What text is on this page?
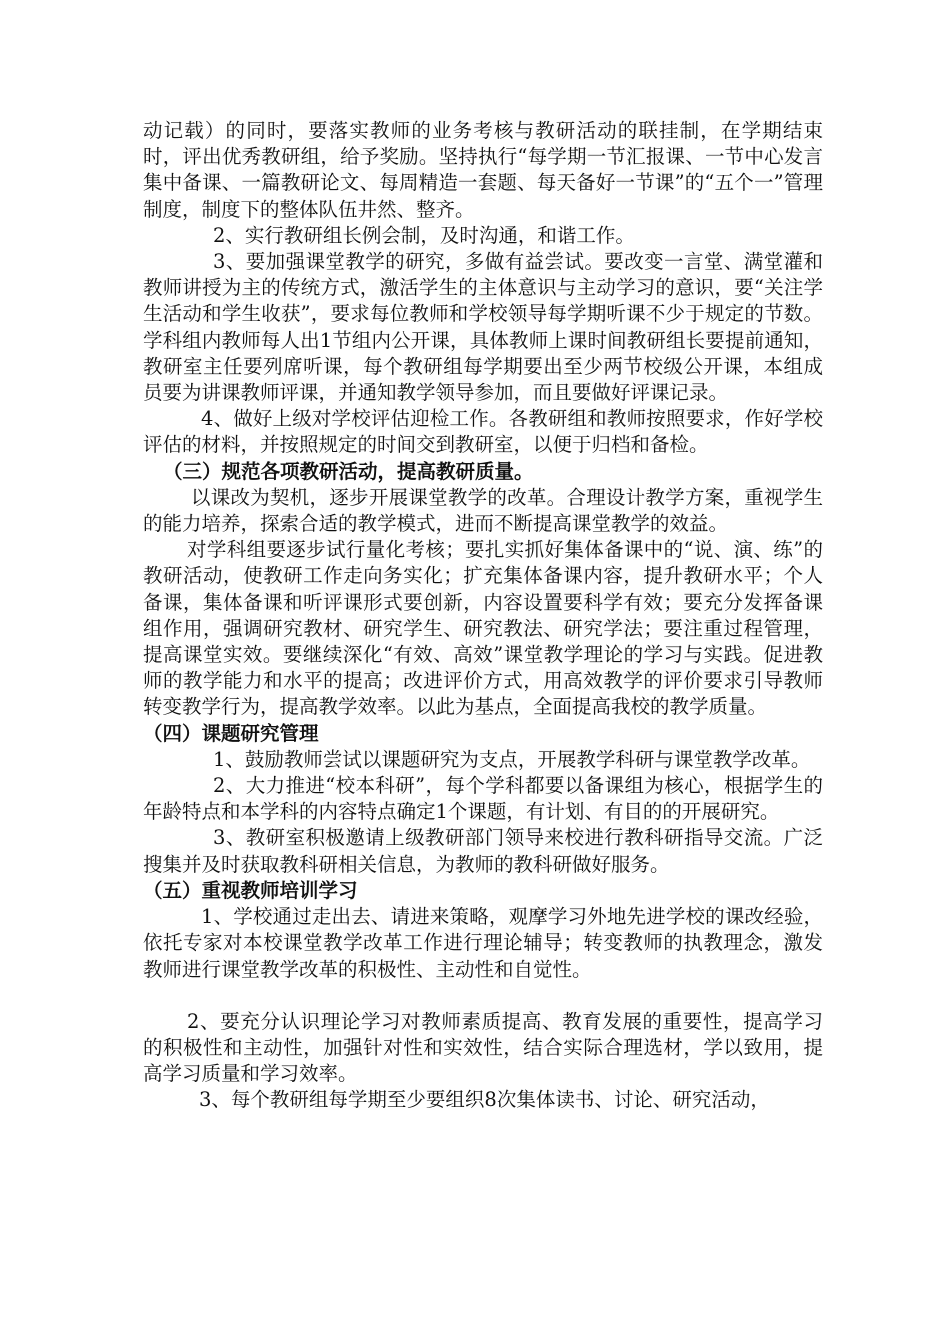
动记载）的同时，要落实教师的业务考核与教研活动的联挂制，在学期结束时，评出优秀教研组，给予奖励。坚持执行“每学期一节汇报课、一节中心发言集中备课、一篇教研论文、每周精造一套题、每天备好一节课”的“五个一”管理制度，制度下的整体队伍井然、整齐。

2、实行教研组长例会制，及时沟通，和谐工作。

3、要加强课堂教学的研究，多做有益尝试。要改变一言堂、满堂灌和教师讲授为主的传统方式，激活学生的主体意识与主动学习的意识，要“关注学生活动和学生收获”，要求每位教师和学校领导每学期听课不少于规定的节数。学科组内教师每人出1节组内公开课，具体教师上课时间教研组长要提前通知，教研室主任要列席听课，每个教研组每学期要出至少两节校级公开课，本组成员要为讲课教师评课，并通知教学领导参加，而且要做好评课记录。

4、做好上级对学校评估迎检工作。各教研组和教师按照要求，作好学校评估的材料，并按照规定的时间交到教研室，以便于归档和备检。

（三）规范各项教研活动，提高教研质量。

以课改为契机，逐步开展课堂教学的改革。合理设计教学方案，重视学生的能力培养，探索合适的教学模式，进而不断提高课堂教学的效益。

对学科组要逐步试行量化考核；要扎实抓好集体备课中的“说、演、练”的教研活动，使教研工作走向务实化；扩充集体备课内容，提升教研水平；个人备课，集体备课和听评课形式要创新，内容设置要科学有效；要充分发挥备课组作用，强调研究教材、研究学生、研究教法、研究学法；要注重过程管理，提高课堂实效。要继续深化“有效、高效”课堂教学理论的学习与实践。促进教师的教学能力和水平的提高；改进评价方式，用高效教学的评价要求引导教师转变教学行为，提高教学效率。以此为基点，全面提高我校的教学质量。

（四）课题研究管理

1、鼓励教师尝试以课题研究为支点，开展教学科研与课堂教学改革。

2、大力推进“校本科研”，每个学科都要以备课组为核心，根据学生的年龄特点和本学科的内容特点确定1个课题，有计划、有目的的开展研究。

3、教研室积极邀请上级教研部门领导来校进行教科研指导交流。广泛搜集并及时获取教科研相关信息，为教师的教科研做好服务。

（五）重视教师培训学习

1、学校通过走出去、请进来策略，观摩学习外地先进学校的课改经验，依托专家对本校课堂教学改革工作进行理论辅导；转变教师的执教理念，激发教师进行课堂教学改革的积极性、主动性和自觉性。

2、要充分认识理论学习对教师素质提高、教育发展的重要性，提高学习的积极性和主动性，加强针对性和实效性，结合实际合理选材，学以致用，提高学习质量和学习效率。

3、每个教研组每学期至少要组织8次集体读书、讨论、研究活动，
